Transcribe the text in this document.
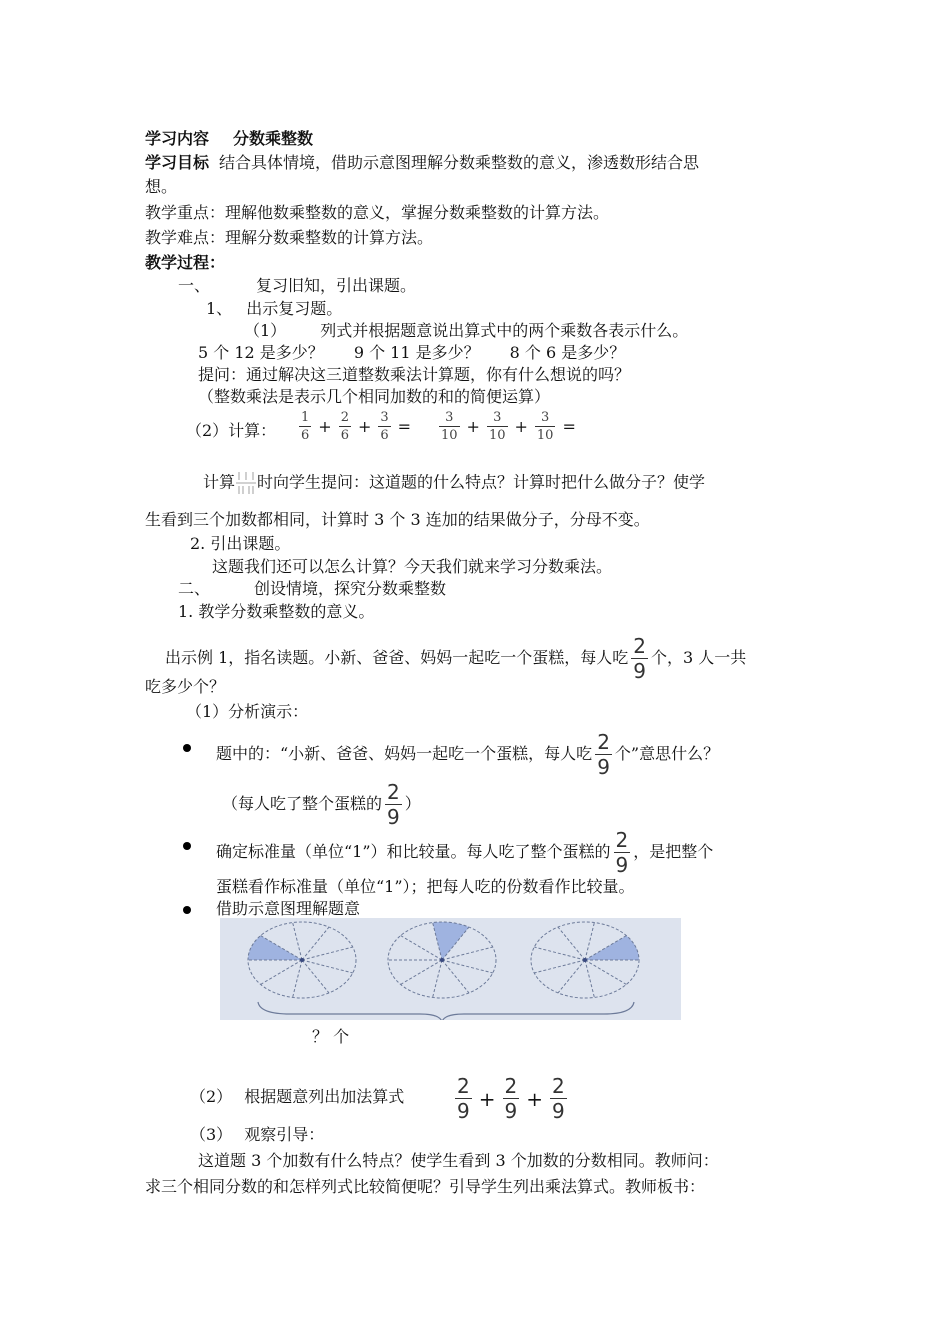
学习内容 分数乘整数
学习目标 结合具体情境，借助示意图理解分数乘整数的意义，渗透数形结合思
想。
教学重点：理解他数乘整数的意义，掌握分数乘整数的计算方法。
教学难点：理解分数乘整数的计算方法。
教学过程：
一、	复习旧知，引出课题。
1、 出示复习题。
（1） 列式并根据题意说出算式中的两个乘数各表示什么。
5 个 12 是多少？ 9 个 11 是多少？ 8 个 6 是多少？
提问：通过解决这三道整数乘法计算题，你有什么想说的吗？
（整数乘法是表示几个相同加数的和的简便运算）
（2）计算： $\frac{1}{6} + \frac{2}{6} + \frac{3}{6} = \frac{3}{10} + \frac{3}{10} + \frac{3}{10}$ =
计算 时向学生提问：这道题的什么特点？计算时把什么做分子？使学
生看到三个加数都相同，计算时 3 个 3 连加的结果做分子，分母不变。
2. 引出课题。
这题我们还可以怎么计算？今天我们就来学习分数乘法。
二、	创设情境，探究分数乘整数
1. 教学分数乘整数的意义。
出示例 1，指名读题。小新、爸爸、妈妈一起吃一个蛋糕，每人吃 $\frac{2}{9}$ 个，3 人一共
吃多少个？
（1）分析演示：
题中的：“小新、爸爸、妈妈一起吃一个蛋糕，每人吃 $\frac{2}{9}$ 个”意思什么？
（每人吃了整个蛋糕的 $\frac{2}{9}$ ）
确定标准量（单位“1”）和比较量。每人吃了整个蛋糕的 $\frac{2}{9}$ ，是把整个
蛋糕看作标准量（单位“1”）；把每人吃的份数看作比较量。
借助示意图理解题意
？ 个
（2） 根据题意列出加法算式	$\frac{2}{9} + \frac{2}{9} + \frac{2}{9}$
（3） 观察引导：
这道题 3 个加数有什么特点？使学生看到 3 个加数的分数相同。教师问：
求三个相同分数的和怎样列式比较简便呢？引导学生列出乘法算式。教师板书：
